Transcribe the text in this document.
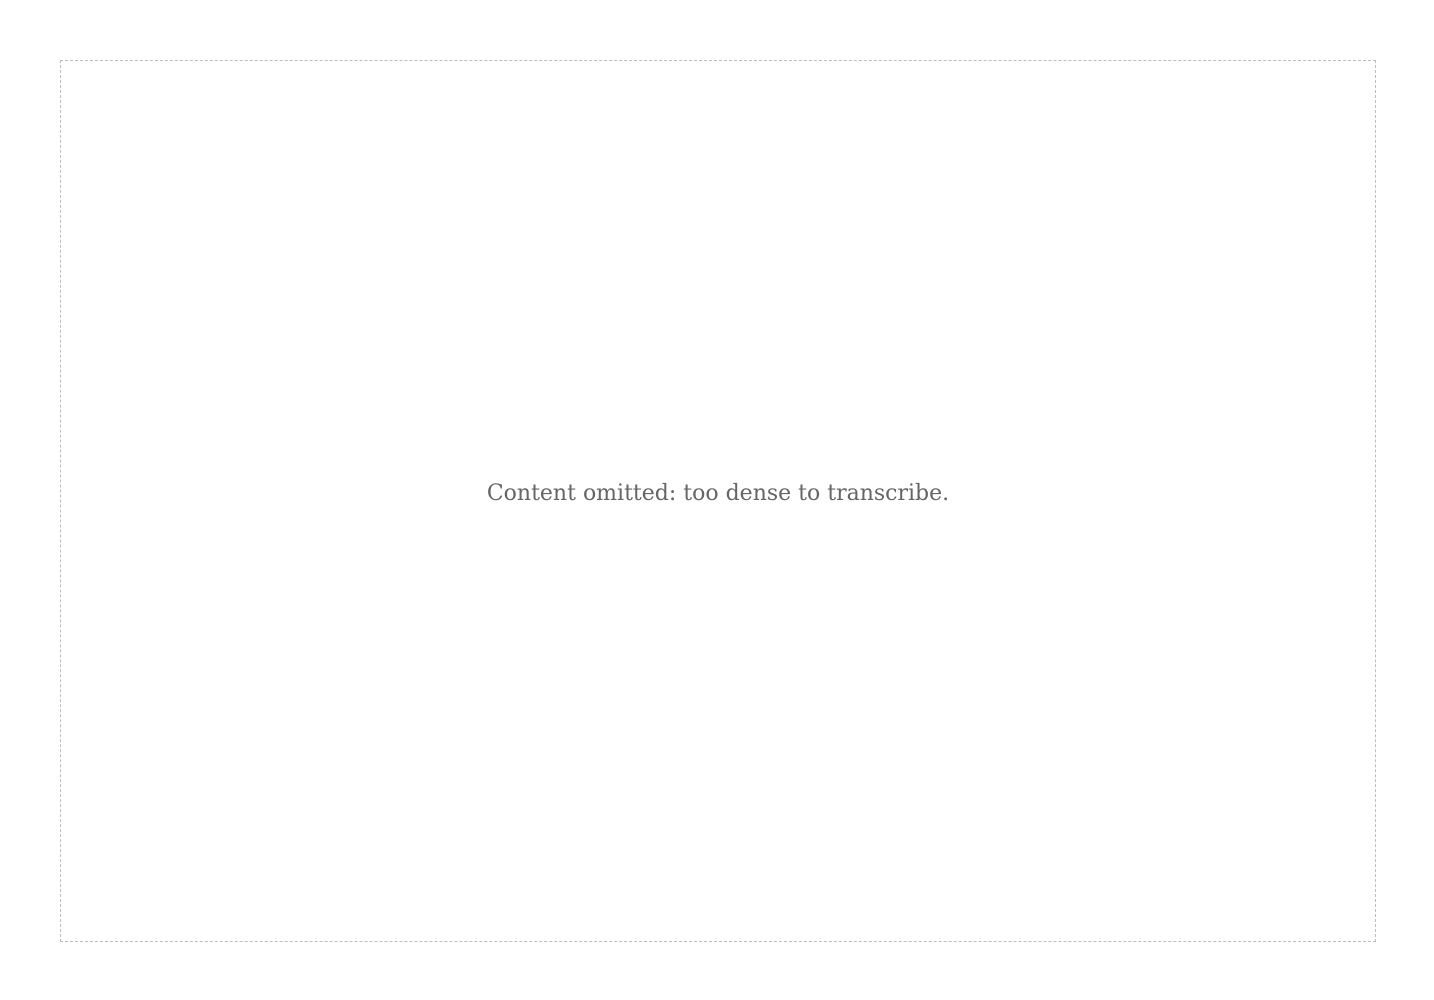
Content omitted: too dense to transcribe.
